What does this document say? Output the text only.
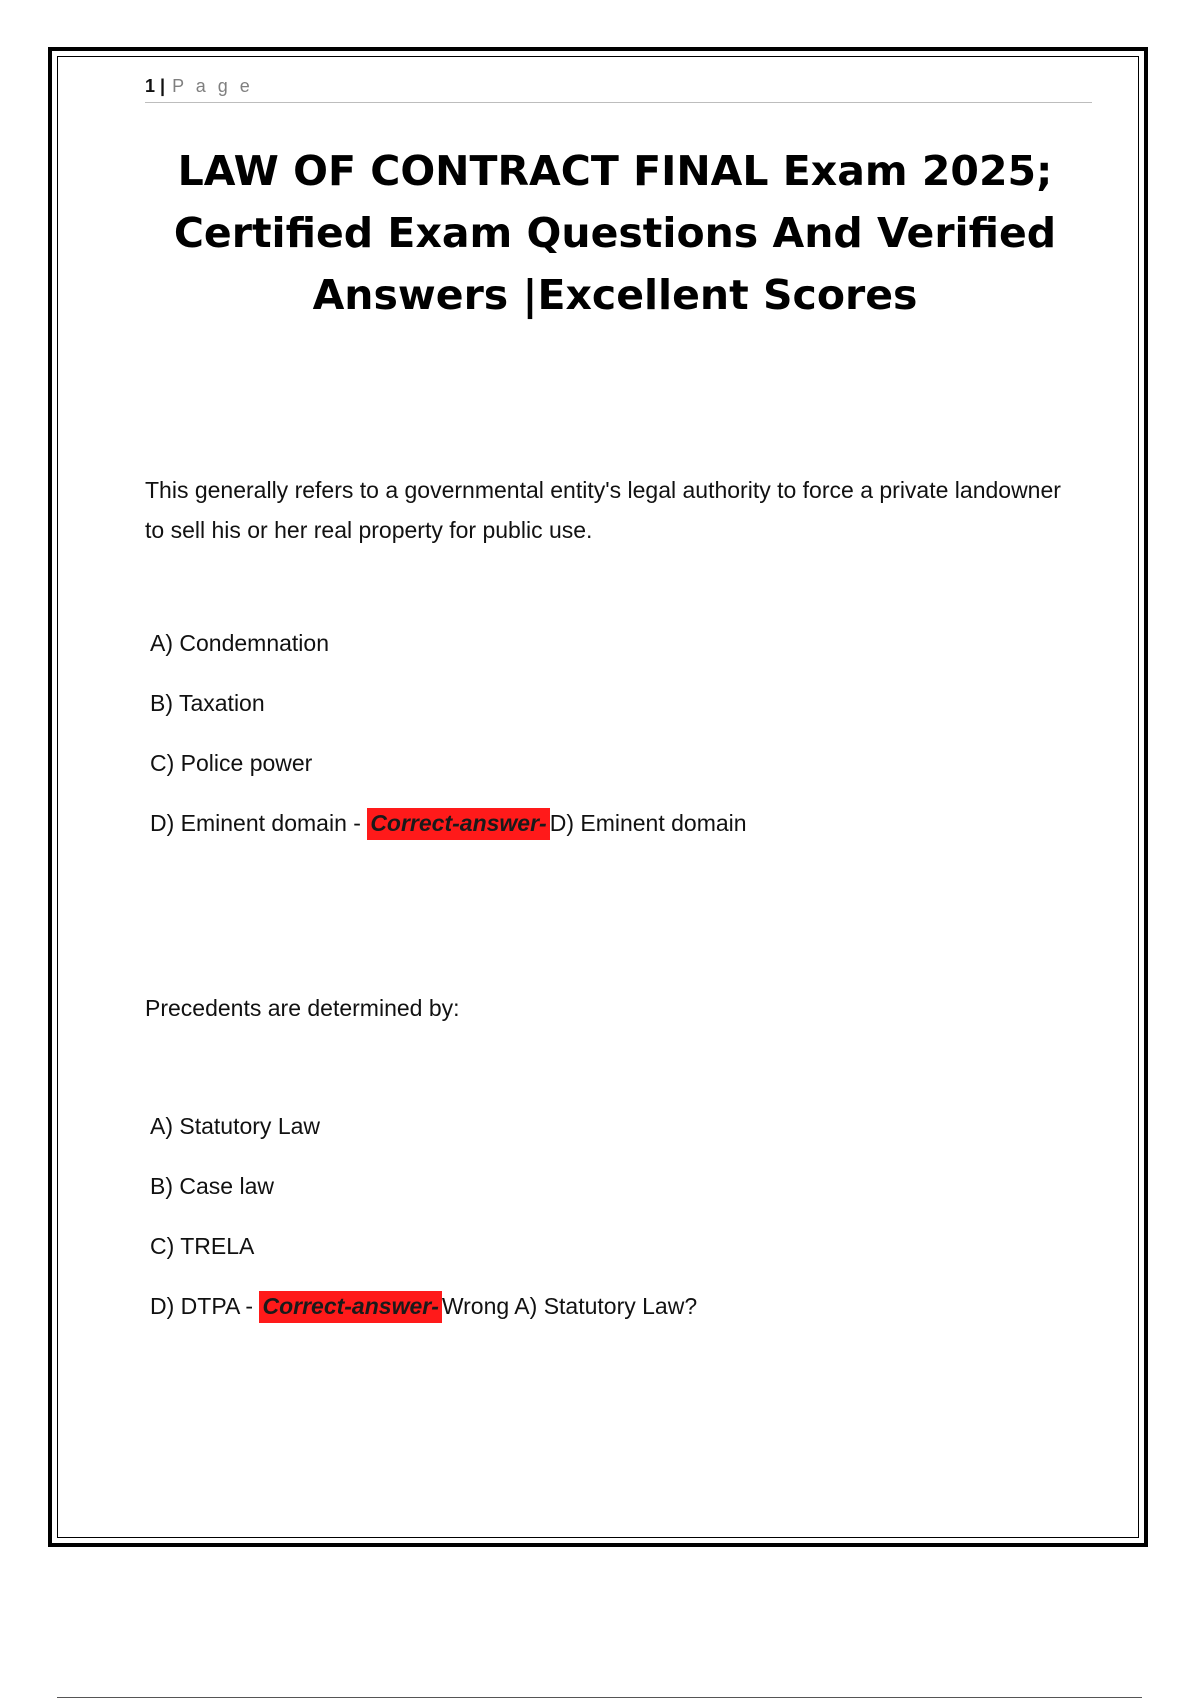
1 | P a g e
LAW OF CONTRACT FINAL Exam 2025;
Certified Exam Questions And Verified
Answers |Excellent Scores

This generally refers to a governmental entity's legal authority to force a private landowner to sell his or her real property for public use.

A) Condemnation
B) Taxation
C) Police power
D) Eminent domain - Correct-answer- D) Eminent domain

Precedents are determined by:

A) Statutory Law
B) Case law
C) TRELA
D) DTPA - Correct-answer- Wrong A) Statutory Law?
